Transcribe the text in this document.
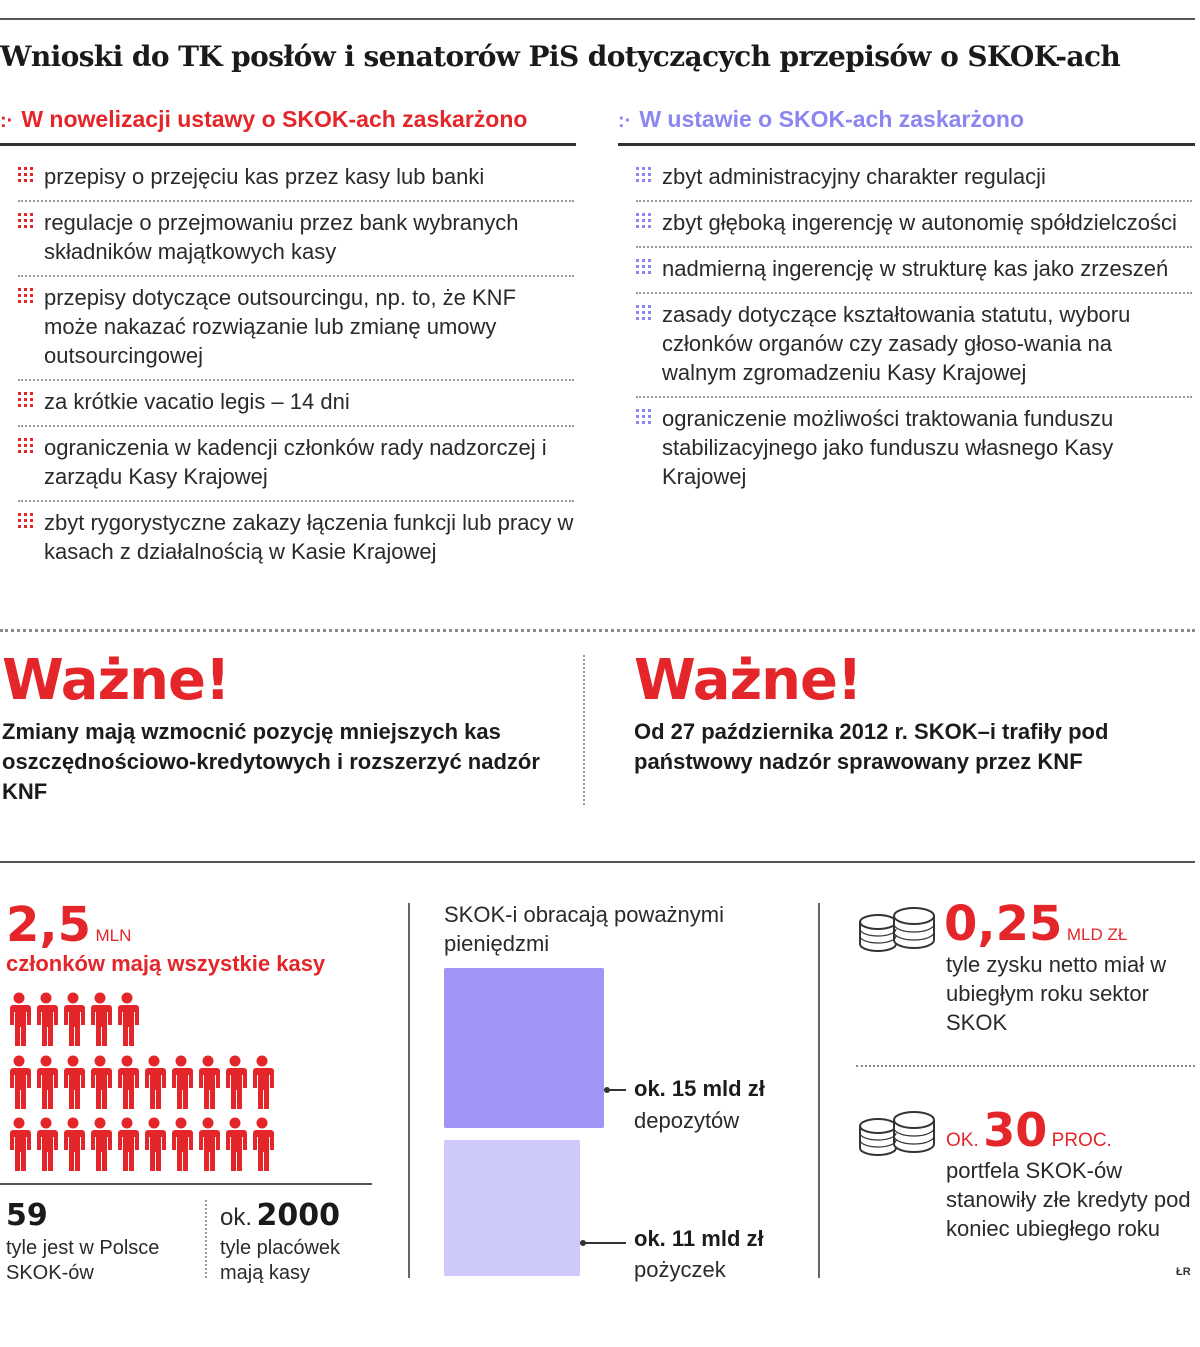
Wnioski do TK posłów i senatorów PiS dotyczących przepisów o SKOK-ach
:· W nowelizacji ustawy o SKOK-ach zaskarżono	:· W ustawie o SKOK-ach zaskarżono
przepisy o przejęciu kas przez kasy lub banki
regulacje o przejmowaniu przez bank wybranych składników majątkowych kasy
przepisy dotyczące outsourcingu, np. to, że KNF może nakazać rozwiązanie lub zmianę umowy outsourcingowej
za krótkie vacatio legis – 14 dni
ograniczenia w kadencji członków rady nadzorczej i zarządu Kasy Krajowej
zbyt rygorystyczne zakazy łączenia funkcji lub pracy w kasach z działalnością w Kasie Krajowej
zbyt administracyjny charakter regulacji
zbyt głęboką ingerencję w autonomię spółdzielczości
nadmierną ingerencję w strukturę kas jako zrzeszeń
zasady dotyczące kształtowania statutu, wyboru członków organów czy zasady głoso-wania na walnym zgromadzeniu Kasy Krajowej
ograniczenie możliwości traktowania funduszu stabilizacyjnego jako funduszu własnego Kasy Krajowej
Ważne!
Zmiany mają wzmocnić pozycję mniejszych kas oszczędnościowo-kredytowych i rozszerzyć nadzór KNF
Ważne!
Od 27 października 2012 r. SKOK–i trafiły pod państwowy nadzór sprawowany przez KNF
2,5 MLN
członków mają wszystkie kasy
59
tyle jest w Polsce SKOK-ów
ok. 2000
tyle placówek mają kasy
SKOK-i obracają poważnymi pieniędzmi
ok. 15 mld zł
depozytów
ok. 11 mld zł
pożyczek
0,25 MLD ZŁ
tyle zysku netto miał w ubiegłym roku sektor SKOK
OK. 30 PROC.
portfela SKOK-ów stanowiły złe kredyty pod koniec ubiegłego roku
ŁR
